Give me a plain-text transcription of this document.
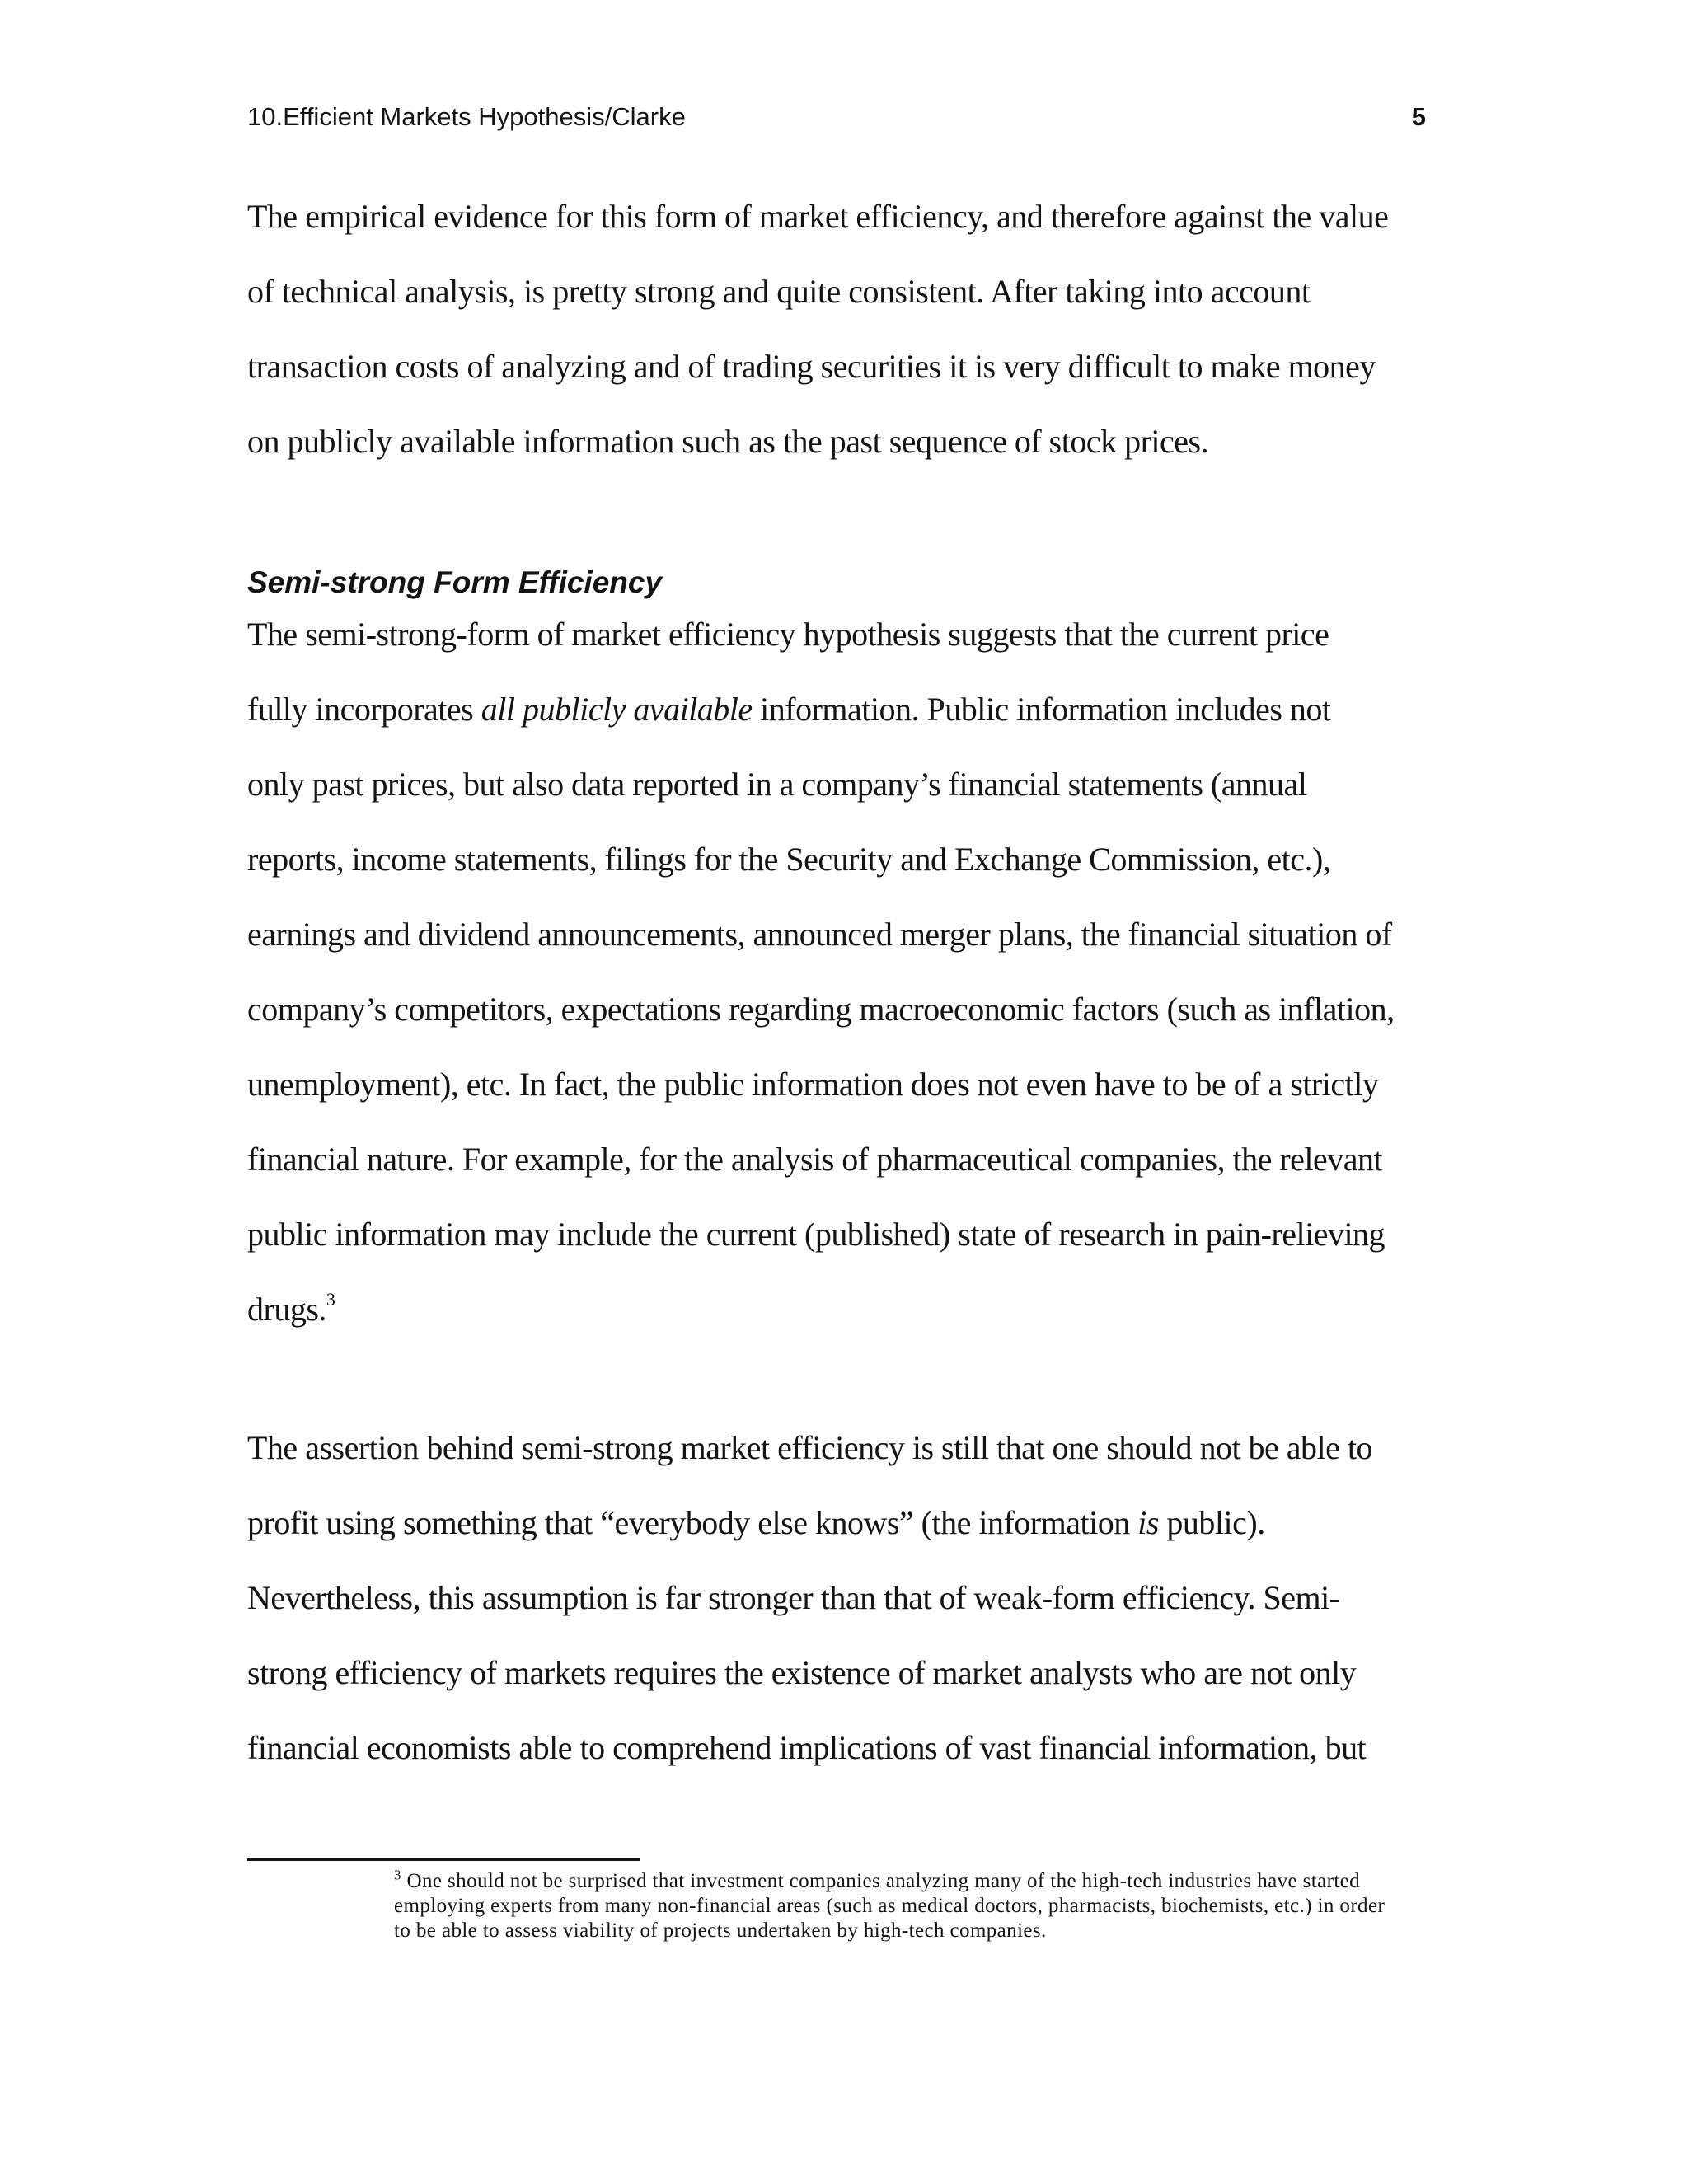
10.Efficient Markets Hypothesis/Clarke	5
The empirical evidence for this form of market efficiency, and therefore against the value
of technical analysis, is pretty strong and quite consistent. After taking into account
transaction costs of analyzing and of trading securities it is very difficult to make money
on publicly available information such as the past sequence of stock prices.
Semi-strong Form Efficiency
The semi-strong-form of market efficiency hypothesis suggests that the current price
fully incorporates all publicly available information. Public information includes not
only past prices, but also data reported in a company’s financial statements (annual
reports, income statements, filings for the Security and Exchange Commission, etc.),
earnings and dividend announcements, announced merger plans, the financial situation of
company’s competitors, expectations regarding macroeconomic factors (such as inflation,
unemployment), etc. In fact, the public information does not even have to be of a strictly
financial nature. For example, for the analysis of pharmaceutical companies, the relevant
public information may include the current (published) state of research in pain-relieving
drugs.$^3$
The assertion behind semi-strong market efficiency is still that one should not be able to
profit using something that “everybody else knows” (the information is public).
Nevertheless, this assumption is far stronger than that of weak-form efficiency. Semi-
strong efficiency of markets requires the existence of market analysts who are not only
financial economists able to comprehend implications of vast financial information, but
$^3$ One should not be surprised that investment companies analyzing many of the high-tech industries have started
employing experts from many non-financial areas (such as medical doctors, pharmacists, biochemists, etc.) in order
to be able to assess viability of projects undertaken by high-tech companies.
